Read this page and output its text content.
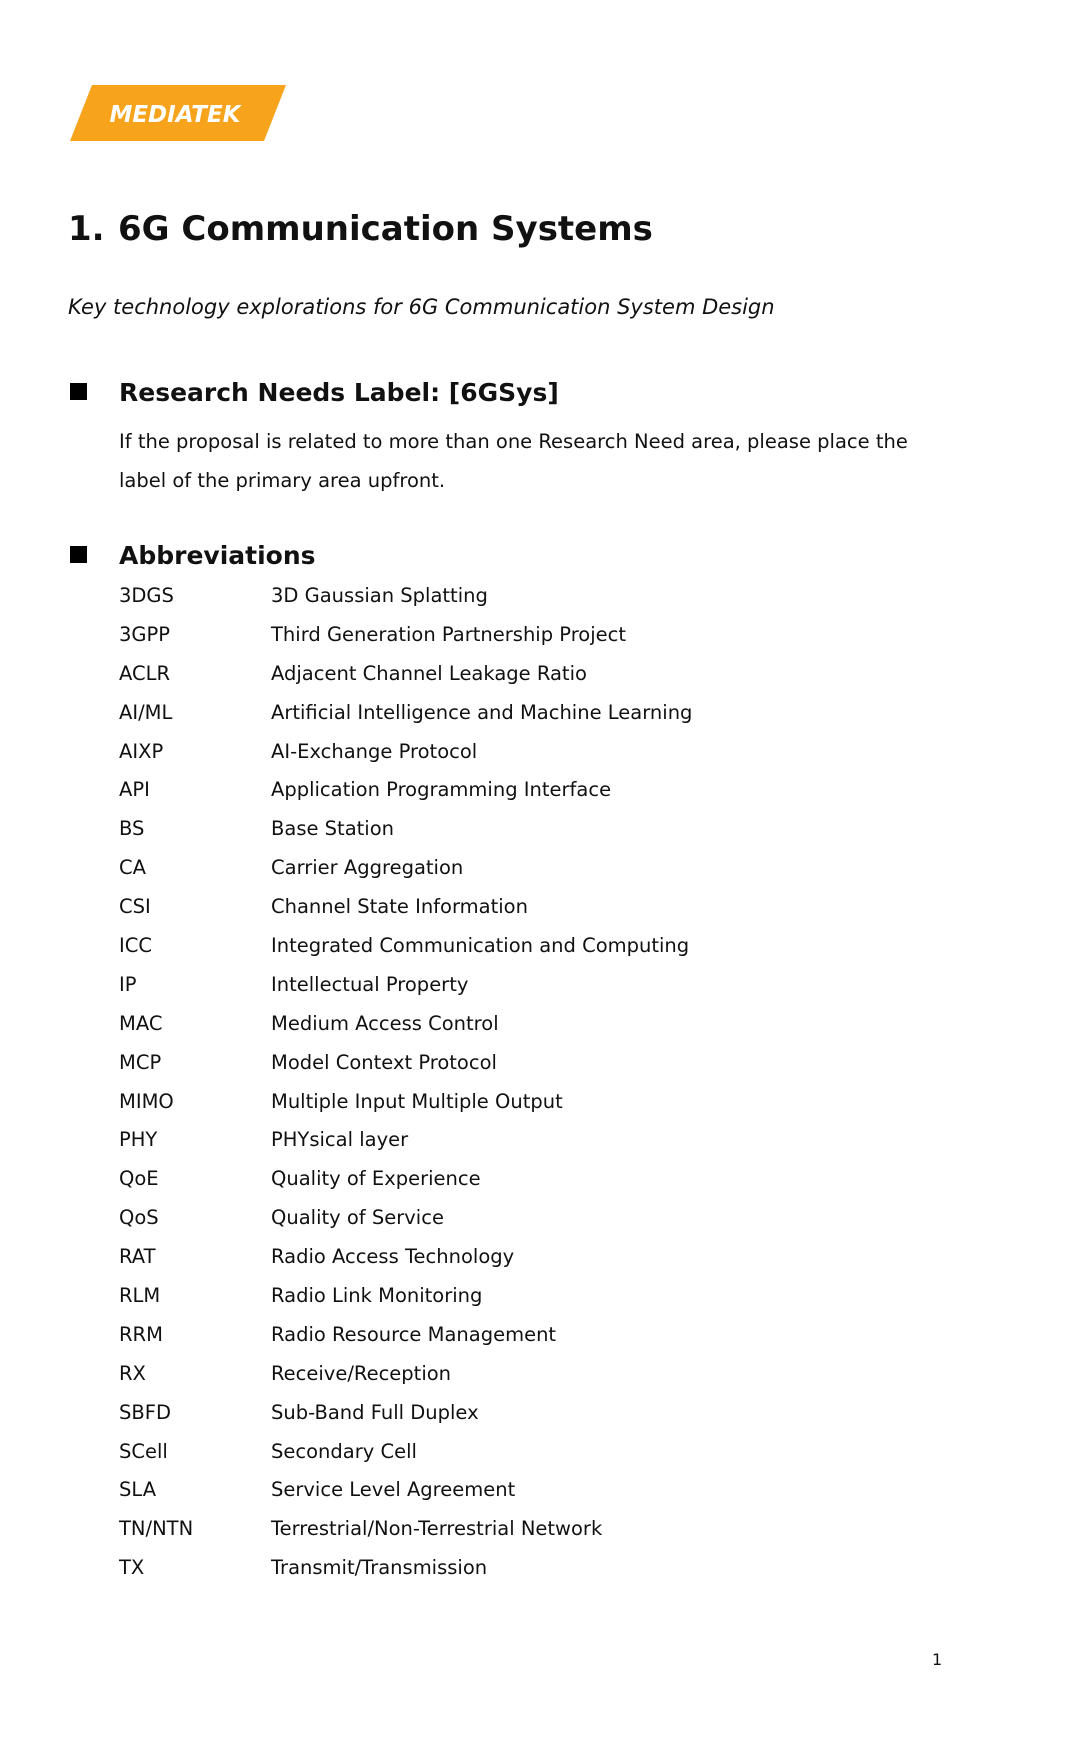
MEDIATEK
1. 6G Communication Systems

Key technology explorations for 6G Communication System Design

Research Needs Label: [6GSys]

If the proposal is related to more than one Research Need area, please place the label of the primary area upfront.

Abbreviations
3DGS	3D Gaussian Splatting
3GPP	Third Generation Partnership Project
ACLR	Adjacent Channel Leakage Ratio
AI/ML	Artificial Intelligence and Machine Learning
AIXP	AI-Exchange Protocol
API	Application Programming Interface
BS	Base Station
CA	Carrier Aggregation
CSI	Channel State Information
ICC	Integrated Communication and Computing
IP	Intellectual Property
MAC	Medium Access Control
MCP	Model Context Protocol
MIMO	Multiple Input Multiple Output
PHY	PHYsical layer
QoE	Quality of Experience
QoS	Quality of Service
RAT	Radio Access Technology
RLM	Radio Link Monitoring
RRM	Radio Resource Management
RX	Receive/Reception
SBFD	Sub-Band Full Duplex
SCell	Secondary Cell
SLA	Service Level Agreement
TN/NTN	Terrestrial/Non-Terrestrial Network
TX	Transmit/Transmission
1
